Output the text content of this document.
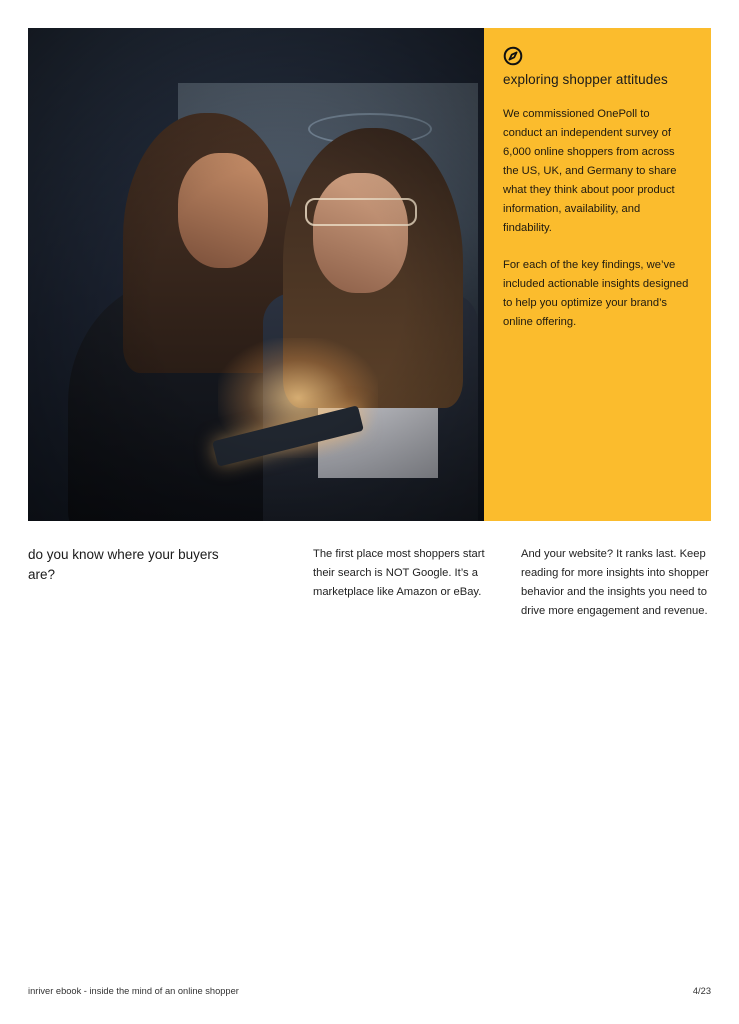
exploring shopper attitudes

We commissioned OnePoll to conduct an independent survey of 6,000 online shoppers from across the US, UK, and Germany to share what they think about poor product information, availability, and findability.

For each of the key findings, we’ve included actionable insights designed to help you optimize your brand’s online offering.

do you know where your buyers are?

The first place most shoppers start their search is NOT Google. It’s a marketplace like Amazon or eBay.

And your website? It ranks last. Keep reading for more insights into shopper behavior and the insights you need to drive more engagement and revenue.

inriver ebook - inside the mind of an online shopper	4/23
